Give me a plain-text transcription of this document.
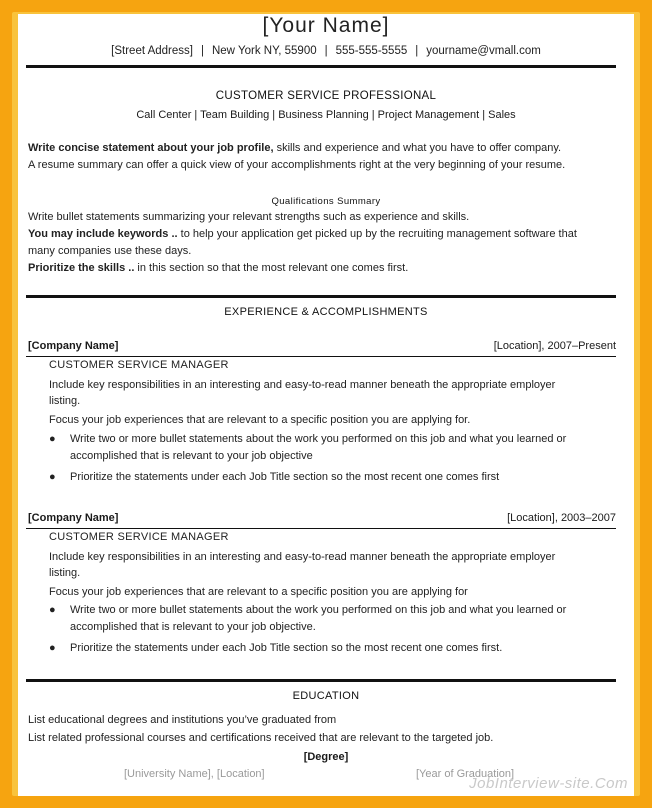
[Your Name]
[Street Address] | New York NY, 55900 | 555-555-5555 | yourname@vmall.com
CUSTOMER SERVICE PROFESSIONAL
Call Center | Team Building | Business Planning | Project Management | Sales
Write concise statement about your job profile, skills and experience and what you have to offer company.
A resume summary can offer a quick view of your accomplishments right at the very beginning of your resume.
Qualifications Summary
Write bullet statements summarizing your relevant strengths such as experience and skills.
You may include keywords .. to help your application get picked up by the recruiting management software that
many companies use these days.
Prioritize the skills .. in this section so that the most relevant one comes first.
EXPERIENCE & ACCOMPLISHMENTS
[Company Name]	[Location], 2007–Present
CUSTOMER SERVICE MANAGER
Include key responsibilities in an interesting and easy-to-read manner beneath the appropriate employer
listing.
Focus your job experiences that are relevant to a specific position you are applying for.
● Write two or more bullet statements about the work you performed on this job and what you learned or
accomplished that is relevant to your job objective
● Prioritize the statements under each Job Title section so the most recent one comes first
[Company Name]	[Location], 2003–2007
CUSTOMER SERVICE MANAGER
Include key responsibilities in an interesting and easy-to-read manner beneath the appropriate employer
listing.
Focus your job experiences that are relevant to a specific position you are applying for
● Write two or more bullet statements about the work you performed on this job and what you learned or
accomplished that is relevant to your job objective.
● Prioritize the statements under each Job Title section so the most recent one comes first.
EDUCATION
List educational degrees and institutions you’ve graduated from
List related professional courses and certifications received that are relevant to the targeted job.
[Degree]
[University Name], [Location]	[Year of Graduation]
JobInterview-site.Com
